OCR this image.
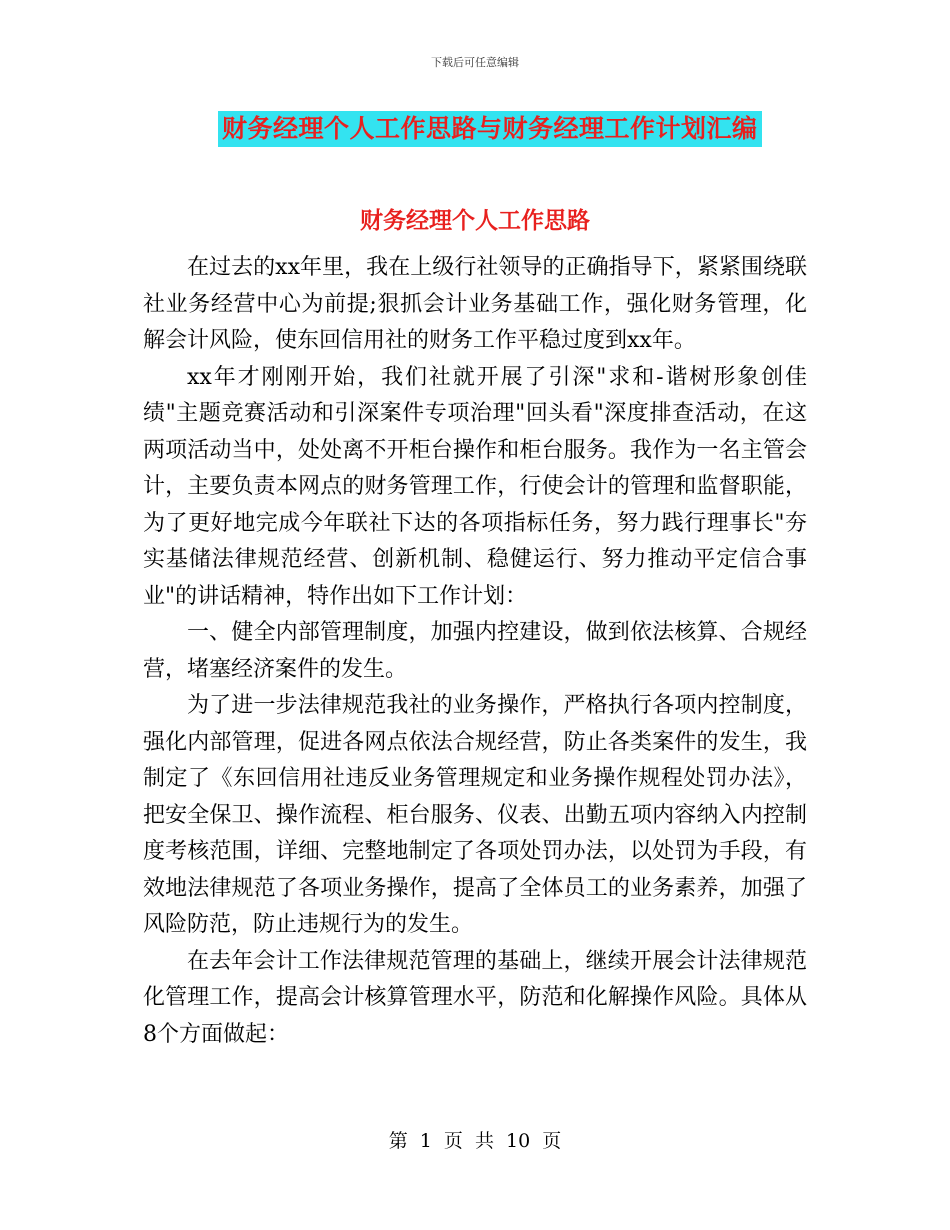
下载后可任意编辑
财务经理个人工作思路与财务经理工作计划汇编
财务经理个人工作思路

在过去的xx年里，我在上级行社领导的正确指导下，紧紧围绕联社业务经营中心为前提;狠抓会计业务基础工作，强化财务管理，化解会计风险，使东回信用社的财务工作平稳过度到xx年。

xx年才刚刚开始，我们社就开展了引深"求和-谐树形象创佳绩"主题竞赛活动和引深案件专项治理"回头看"深度排查活动，在这两项活动当中，处处离不开柜台操作和柜台服务。我作为一名主管会计，主要负责本网点的财务管理工作，行使会计的管理和监督职能，为了更好地完成今年联社下达的各项指标任务，努力践行理事长"夯实基储法律规范经营、创新机制、稳健运行、努力推动平定信合事业"的讲话精神，特作出如下工作计划：

一、健全内部管理制度，加强内控建设，做到依法核算、合规经营，堵塞经济案件的发生。

为了进一步法律规范我社的业务操作，严格执行各项内控制度，强化内部管理，促进各网点依法合规经营，防止各类案件的发生，我制定了《东回信用社违反业务管理规定和业务操作规程处罚办法》，把安全保卫、操作流程、柜台服务、仪表、出勤五项内容纳入内控制度考核范围，详细、完整地制定了各项处罚办法，以处罚为手段，有效地法律规范了各项业务操作，提高了全体员工的业务素养，加强了风险防范，防止违规行为的发生。

在去年会计工作法律规范管理的基础上，继续开展会计法律规范化管理工作，提高会计核算管理水平，防范和化解操作风险。具体从8个方面做起：

第 1 页 共 10 页
